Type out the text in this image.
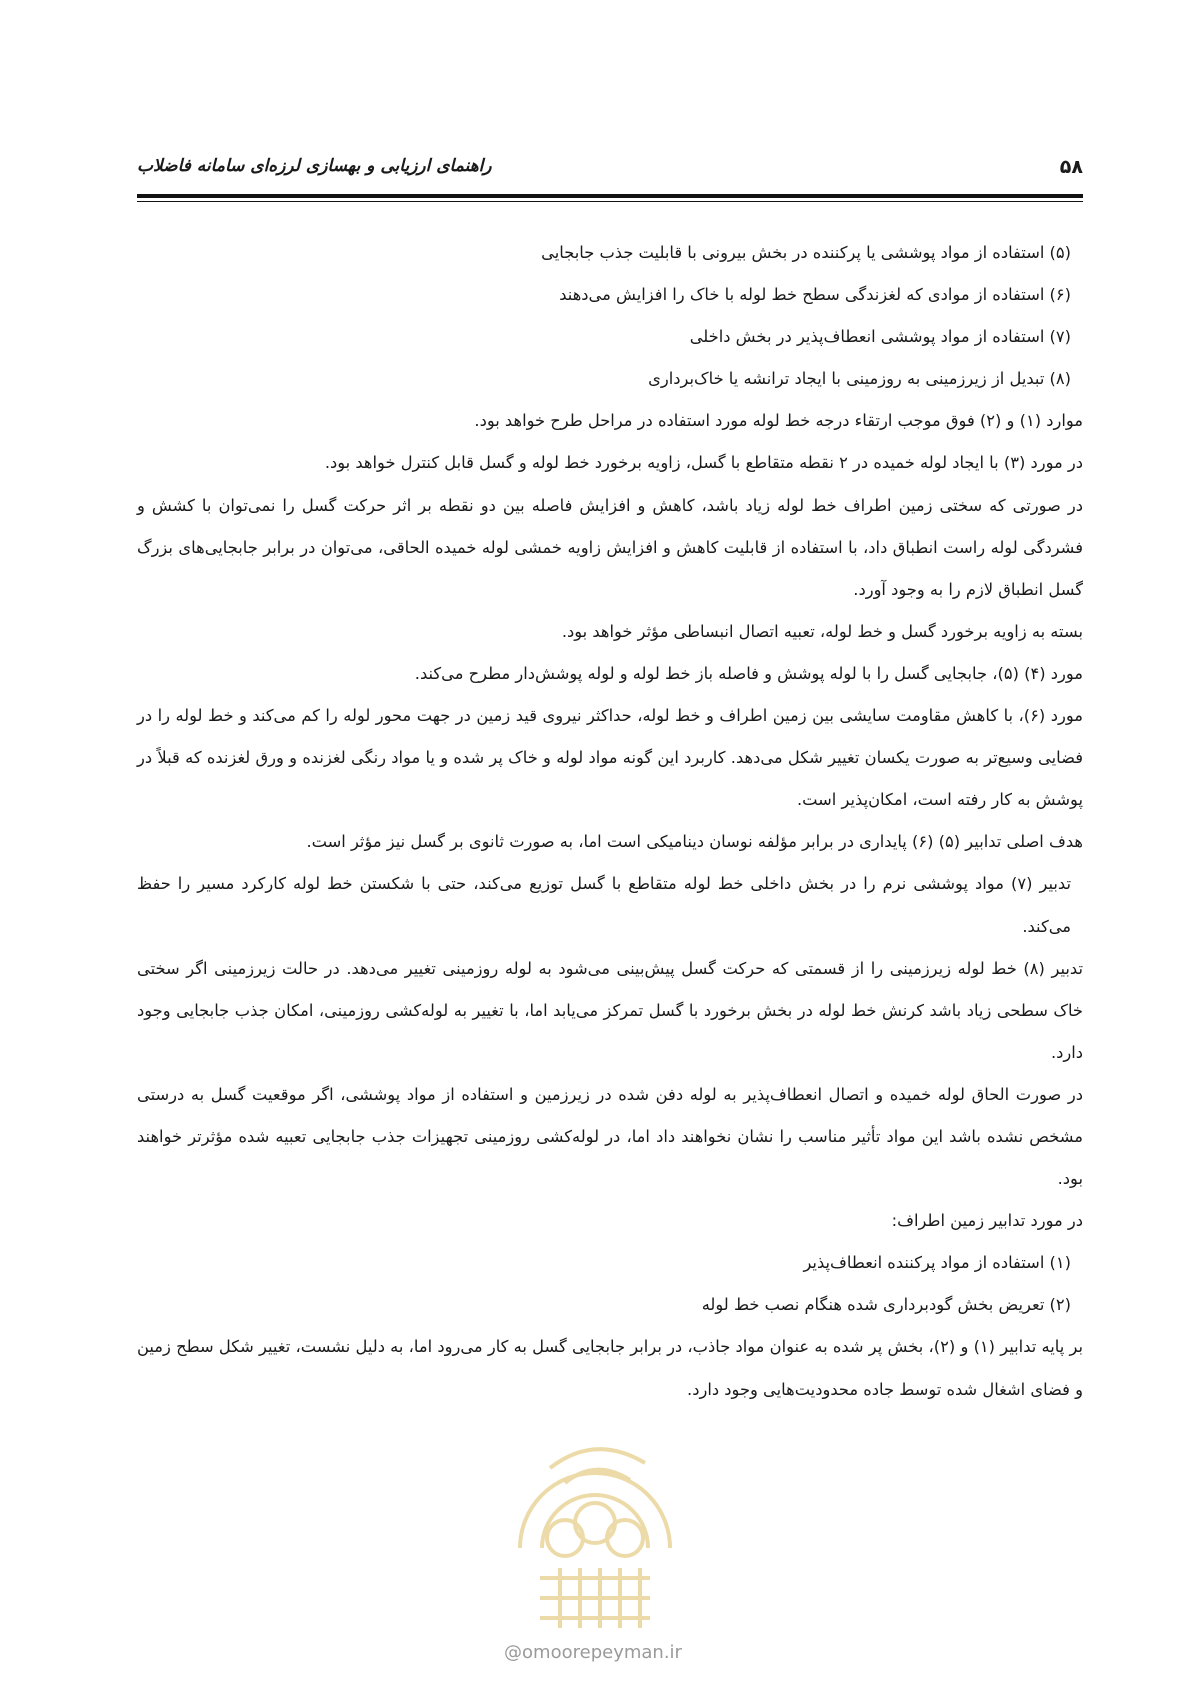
۵۸
راهنمای ارزیابی و بهسازی لرزه‌ای سامانه فاضلاب

(۵) استفاده از مواد پوششی یا پرکننده در بخش بیرونی با قابلیت جذب جابجایی

(۶) استفاده از موادی که لغزندگی سطح خط لوله با خاک را افزایش می‌دهند

(۷) استفاده از مواد پوششی انعطاف‌پذیر در بخش داخلی

(۸) تبدیل از زیرزمینی به روزمینی با ایجاد ترانشه یا خاک‌برداری

موارد (۱) و (۲) فوق موجب ارتقاء درجه خط لوله مورد استفاده در مراحل طرح خواهد بود.

در مورد (۳) با ایجاد لوله خمیده در ۲ نقطه متقاطع با گسل، زاویه برخورد خط لوله و گسل قابل کنترل خواهد بود.

در صورتی که سختی زمین اطراف خط لوله زیاد باشد، کاهش و افزایش فاصله بین دو نقطه بر اثر حرکت گسل را نمی‌توان با کشش و فشردگی لوله راست انطباق داد، با استفاده از قابلیت کاهش و افزایش زاویه خمشی لوله خمیده الحاقی، می‌توان در برابر جابجایی‌های بزرگ گسل انطباق لازم را به وجود آورد.

بسته به زاویه برخورد گسل و خط لوله، تعبیه اتصال انبساطی مؤثر خواهد بود.

مورد (۴) (۵)، جابجایی گسل را با لوله پوشش و فاصله باز خط لوله و لوله پوشش‌دار مطرح می‌کند.

مورد (۶)، با کاهش مقاومت سایشی بین زمین اطراف و خط لوله، حداکثر نیروی قید زمین در جهت محور لوله را کم می‌کند و خط لوله را در فضایی وسیع‌تر به صورت یکسان تغییر شکل می‌دهد. کاربرد این گونه مواد لوله و خاک پر شده و یا مواد رنگی لغزنده و ورق لغزنده که قبلاً در پوشش به کار رفته است، امکان‌پذیر است.

هدف اصلی تدابیر (۵) (۶) پایداری در برابر مؤلفه نوسان دینامیکی است اما، به صورت ثانوی بر گسل نیز مؤثر است.

تدبیر (۷) مواد پوششی نرم را در بخش داخلی خط لوله متقاطع با گسل توزیع می‌کند، حتی با شکستن خط لوله کارکرد مسیر را حفظ می‌کند.

تدبیر (۸) خط لوله زیرزمینی را از قسمتی که حرکت گسل پیش‌بینی می‌شود به لوله روزمینی تغییر می‌دهد. در حالت زیرزمینی اگر سختی خاک سطحی زیاد باشد کرنش خط لوله در بخش برخورد با گسل تمرکز می‌یابد اما، با تغییر به لوله‌کشی روزمینی، امکان جذب جابجایی وجود دارد.

در صورت الحاق لوله خمیده و اتصال انعطاف‌پذیر به لوله دفن شده در زیرزمین و استفاده از مواد پوششی، اگر موقعیت گسل به درستی مشخص نشده باشد این مواد تأثیر مناسب را نشان نخواهند داد اما، در لوله‌کشی روزمینی تجهیزات جذب جابجایی تعبیه شده مؤثرتر خواهند بود.

در مورد تدابیر زمین اطراف:

(۱) استفاده از مواد پرکننده انعطاف‌پذیر

(۲) تعریض بخش گودبرداری شده هنگام نصب خط لوله

بر پایه تدابیر (۱) و (۲)، بخش پر شده به عنوان مواد جاذب، در برابر جابجایی گسل به کار می‌رود اما، به دلیل نشست، تغییر شکل سطح زمین و فضای اشغال شده توسط جاده محدودیت‌هایی وجود دارد.

@omoorepeyman.ir
